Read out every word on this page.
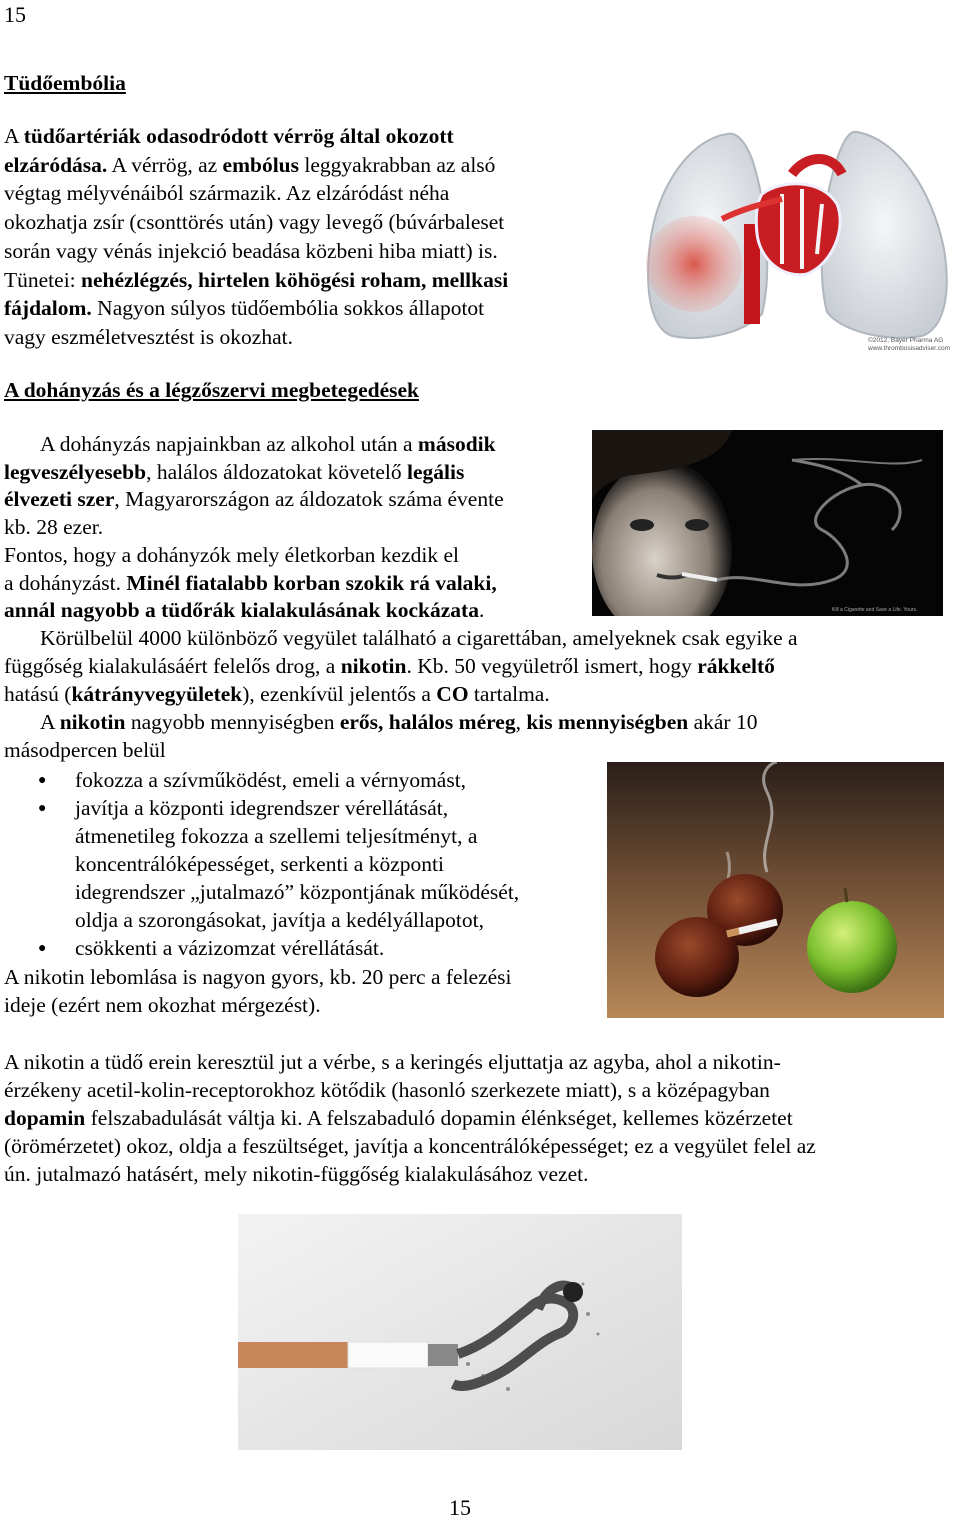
15
Tüdőembólia
A tüdőartériák odasodródott vérrög által okozott
elzáródása. A vérrög, az embólus leggyakrabban az alsó
végtag mélyvénáiból származik. Az elzáródást néha
okozhatja zsír (csonttörés után) vagy levegő (búvárbaleset
során vagy vénás injekció beadása közbeni hiba miatt) is.
Tünetei: nehézlégzés, hirtelen köhögési roham, mellkasi
fájdalom. Nagyon súlyos tüdőembólia sokkos állapotot
vagy eszméletvesztést is okozhat.	©2012, Bayer Pharma AG
www.thrombosisadviser.com
A dohányzás és a légzőszervi megbetegedések
A dohányzás napjainkban az alkohol után a második
legveszélyesebb, halálos áldozatokat követelő legális
élvezeti szer, Magyarországon az áldozatok száma évente
kb. 28 ezer.
Fontos, hogy a dohányzók mely életkorban kezdik el
a dohányzást. Minél fiatalabb korban szokik rá valaki,
annál nagyobb a tüdőrák kialakulásának kockázata.	Kill a Cigarette and Save a Life. Yours.
Körülbelül 4000 különböző vegyület található a cigarettában, amelyeknek csak egyike a
függőség kialakulásáért felelős drog, a nikotin. Kb. 50 vegyületről ismert, hogy rákkeltő
hatású (kátrányvegyületek), ezenkívül jelentős a CO tartalma.
A nikotin nagyobb mennyiségben erős, halálos méreg, kis mennyiségben akár 10
másodpercen belül
● fokozza a szívműködést, emeli a vérnyomást,
● javítja a központi idegrendszer vérellátását,
átmenetileg fokozza a szellemi teljesítményt, a
koncentrálóképességet, serkenti a központi
idegrendszer „jutalmazó” központjának működését,
oldja a szorongásokat, javítja a kedélyállapotot,
● csökkenti a vázizomzat vérellátását.
A nikotin lebomlása is nagyon gyors, kb. 20 perc a felezési
ideje (ezért nem okozhat mérgezést).
A nikotin a tüdő erein keresztül jut a vérbe, s a keringés eljuttatja az agyba, ahol a nikotin-
érzékeny acetil-kolin-receptorokhoz kötődik (hasonló szerkezete miatt), s a középagyban
dopamin felszabadulását váltja ki. A felszabaduló dopamin élénkséget, kellemes közérzetet
(örömérzetet) okoz, oldja a feszültséget, javítja a koncentrálóképességet; ez a vegyület felel az
ún. jutalmazó hatásért, mely nikotin-függőség kialakulásához vezet.
15
